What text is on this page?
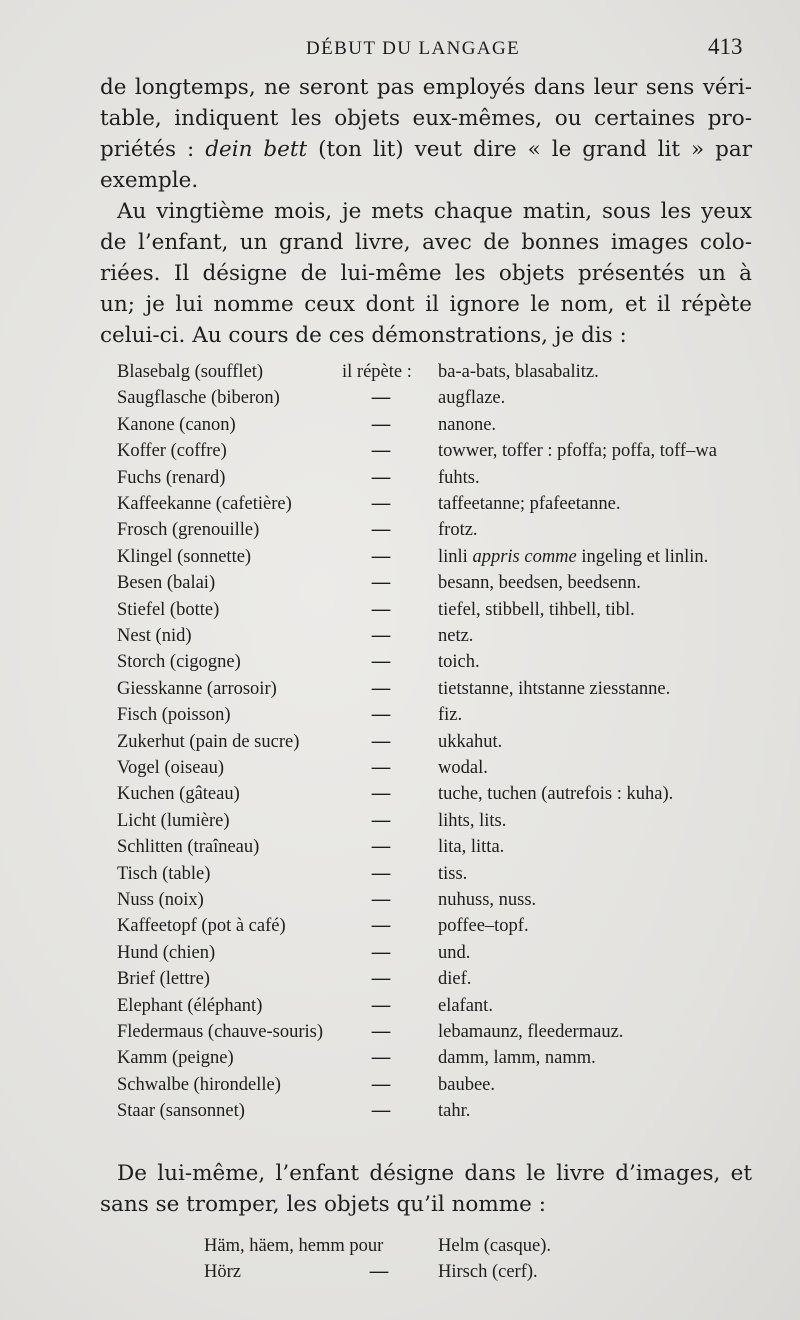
DÉBUT DU LANGAGE	413

de longtemps, ne seront pas employés dans leur sens véri-
table, indiquent les objets eux-mêmes, ou certaines pro-
priétés : dein bett (ton lit) veut dire « le grand lit » par
exemple.

Au vingtième mois, je mets chaque matin, sous les yeux
de l’enfant, un grand livre, avec de bonnes images colo-
riées. Il désigne de lui-même les objets présentés un à
un; je lui nomme ceux dont il ignore le nom, et il répète
celui-ci. Au cours de ces démonstrations, je dis :

Blasebalg (soufflet)	il répète : ba-a-bats, blasabalitz.
Saugflasche (biberon)	—	augflaze.
Kanone (canon)	—	nanone.
Koffer (coffre)	—	towwer, toffer : pfoffa; poffa, toff–wa
Fuchs (renard)	—	fuhts.
Kaffeekanne (cafetière)	—	taffeetanne; pfafeetanne.
Frosch (grenouille)	—	frotz.
Klingel (sonnette)	—	linli appris comme ingeling et linlin.
Besen (balai)	—	besann, beedsen, beedsenn.
Stiefel (botte)	—	tiefel, stibbell, tihbell, tibl.
Nest (nid)	—	netz.
Storch (cigogne)	—	toich.
Giesskanne (arrosoir)	—	tietstanne, ihtstanne ziesstanne.
Fisch (poisson)	—	fiz.
Zukerhut (pain de sucre)	—	ukkahut.
Vogel (oiseau)	—	wodal.
Kuchen (gâteau)	—	tuche, tuchen (autrefois : kuha).
Licht (lumière)	—	lihts, lits.
Schlitten (traîneau)	—	lita, litta.
Tisch (table)	—	tiss.
Nuss (noix)	—	nuhuss, nuss.
Kaffeetopf (pot à café)	—	poffee–topf.
Hund (chien)	—	und.
Brief (lettre)	—	dief.
Elephant (éléphant)	—	elafant.
Fledermaus (chauve-souris)	—	lebamaunz, fleedermauz.
Kamm (peigne)	—	damm, lamm, namm.
Schwalbe (hirondelle)	—	baubee.
Staar (sansonnet)	—	tahr.

De lui-même, l’enfant désigne dans le livre d’images, et
sans se tromper, les objets qu’il nomme :

Häm, häem, hemm pour	Helm (casque).
Hörz	—	Hirsch (cerf).
